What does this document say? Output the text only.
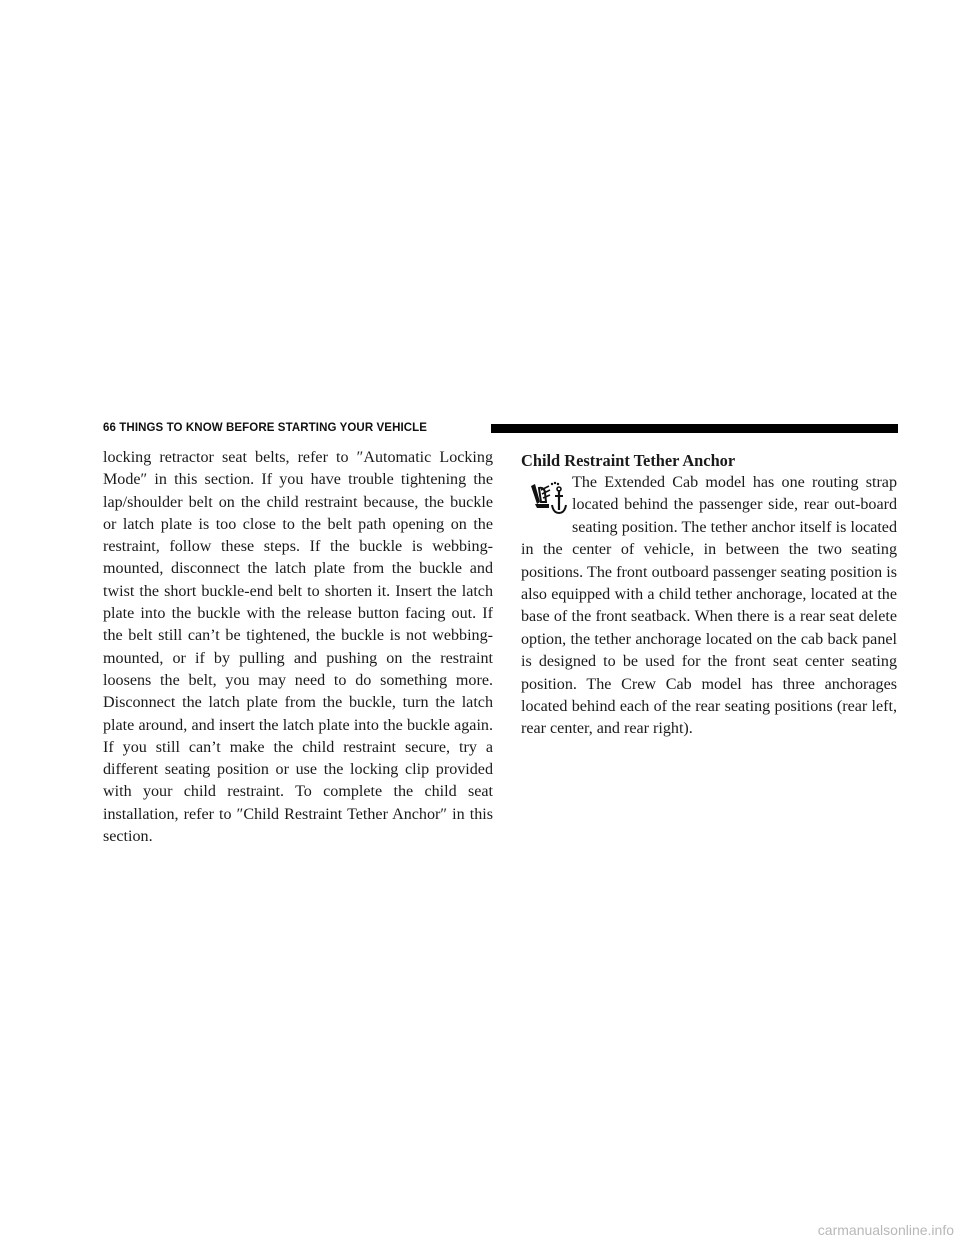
66 THINGS TO KNOW BEFORE STARTING YOUR VEHICLE

locking retractor seat belts, refer to ″Automatic Locking Mode″ in this section. If you have trouble tightening the lap/shoulder belt on the child restraint because, the buckle or latch plate is too close to the belt path opening on the restraint, follow these steps. If the buckle is webbing-mounted, disconnect the latch plate from the buckle and twist the short buckle-end belt to shorten it. Insert the latch plate into the buckle with the release button facing out. If the belt still can’t be tightened, the buckle is not webbing-mounted, or if by pulling and pushing on the restraint loosens the belt, you may need to do something more. Disconnect the latch plate from the buckle, turn the latch plate around, and insert the latch plate into the buckle again. If you still can’t make the child restraint secure, try a different seating position or use the locking clip provided with your child restraint. To complete the child seat installation, refer to ″Child Restraint Tether Anchor″ in this section.

Child Restraint Tether Anchor
The Extended Cab model has one routing strap located behind the passenger side, rear out-board seating position. The tether anchor itself is located in the center of vehicle, in between the two seating positions. The front outboard passenger seating position is also equipped with a child tether anchorage, located at the base of the front seatback. When there is a rear seat delete option, the tether anchorage located on the cab back panel is designed to be used for the front seat center seating position. The Crew Cab model has three anchorages located behind each of the rear seating positions (rear left, rear center, and rear right).
carmanualsonline.info
